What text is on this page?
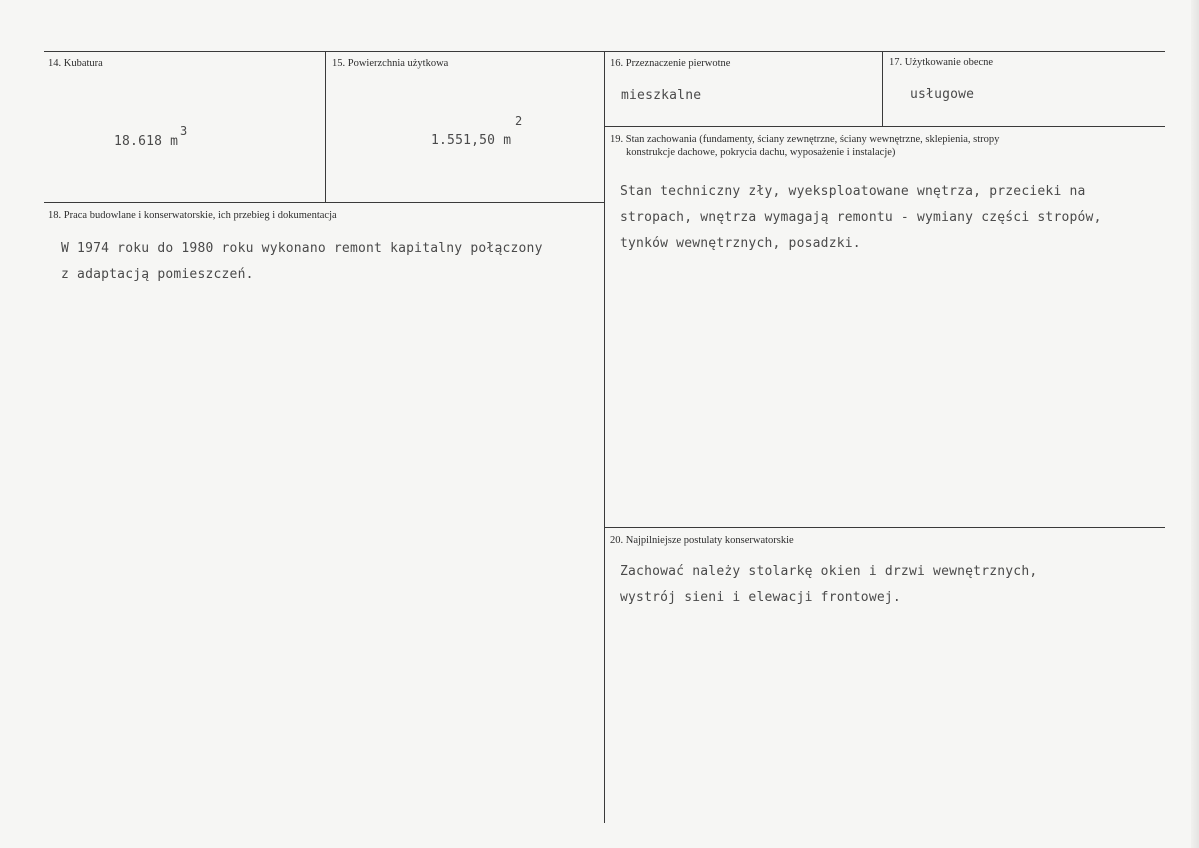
14. Kubatura
18.618 m
3
15. Powierzchnia użytkowa
1.551,50 m
2
16. Przeznaczenie pierwotne
mieszkalne
17. Użytkowanie obecne
usługowe
18. Praca budowlane i konserwatorskie, ich przebieg i dokumentacja
W 1974 roku do 1980 roku wykonano remont kapitalny połączony
z adaptacją pomieszczeń.
19. Stan zachowania (fundamenty, ściany zewnętrzne, ściany wewnętrzne, sklepienia, stropy
konstrukcje dachowe, pokrycia dachu, wyposażenie i instalacje)
Stan techniczny zły, wyeksploatowane wnętrza, przecieki na
stropach, wnętrza wymagają remontu - wymiany części stropów,
tynków wewnętrznych, posadzki.
20. Najpilniejsze postulaty konserwatorskie
Zachować należy stolarkę okien i drzwi wewnętrznych,
wystrój sieni i elewacji frontowej.
